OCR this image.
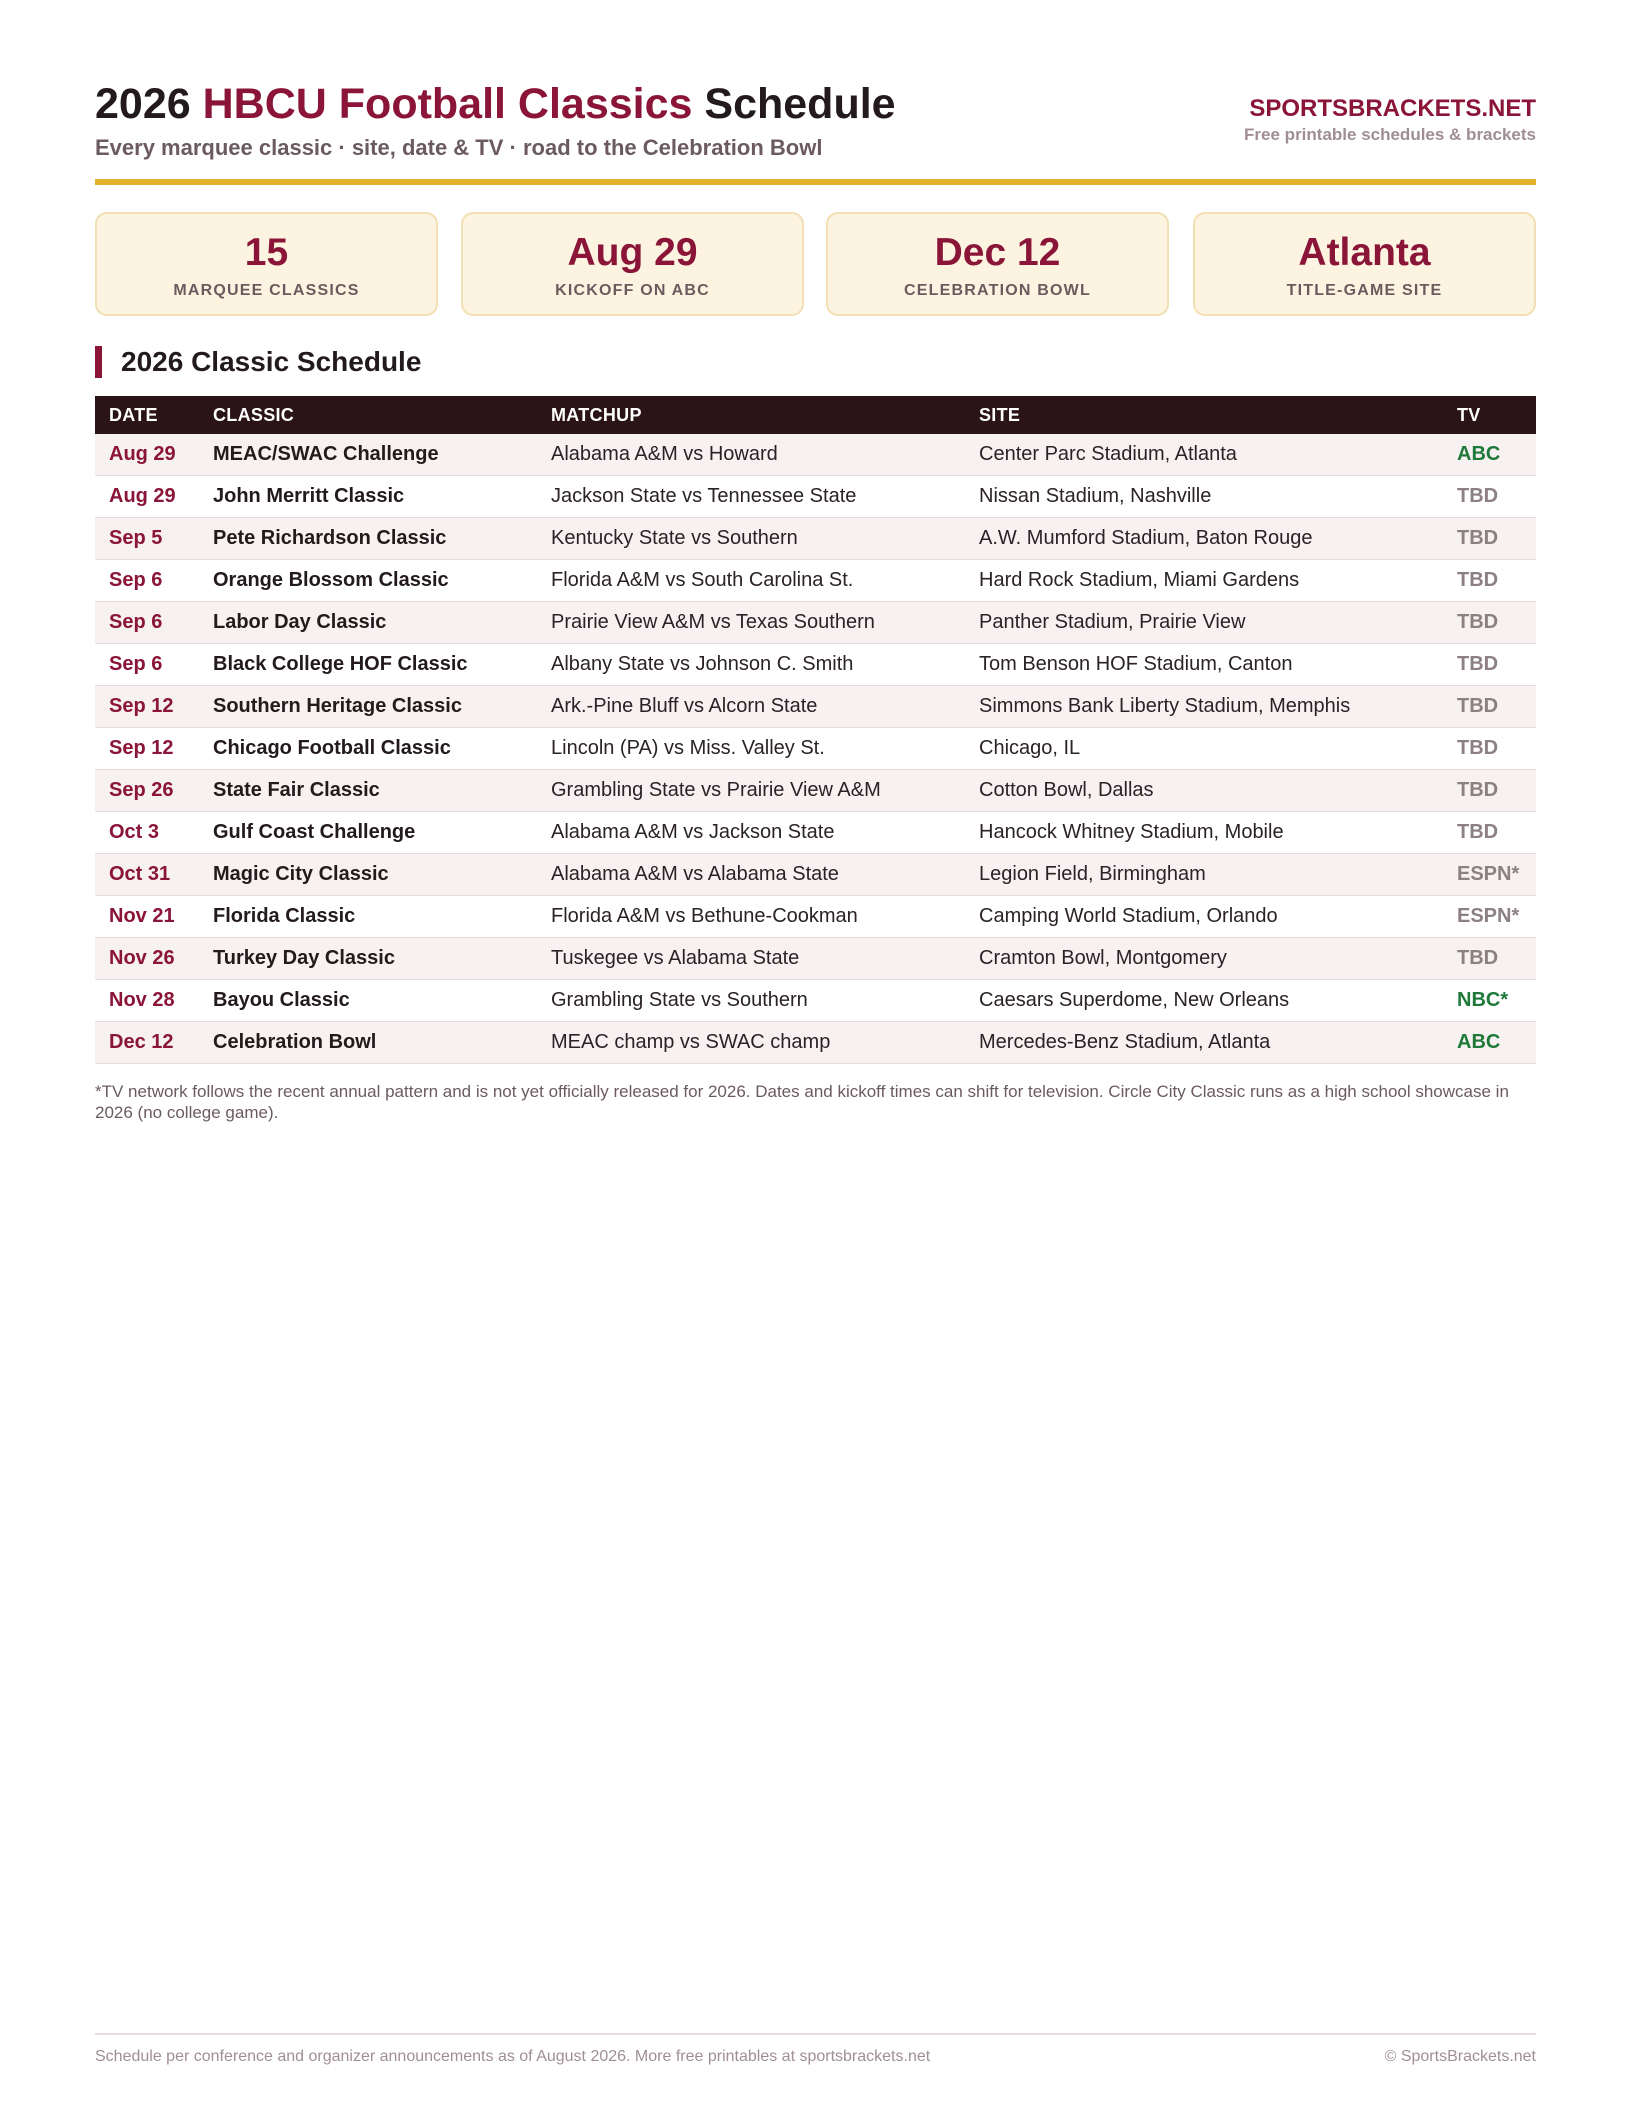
2026 HBCU Football Classics Schedule
Every marquee classic · site, date & TV · road to the Celebration Bowl
SPORTSBRACKETS.NET
Free printable schedules & brackets
15
MARQUEE CLASSICS
Aug 29
KICKOFF ON ABC
Dec 12
CELEBRATION BOWL
Atlanta
TITLE-GAME SITE
2026 Classic Schedule
DATE	CLASSIC	MATCHUP	SITE	TV
Aug 29	MEAC/SWAC Challenge	Alabama A&M vs Howard	Center Parc Stadium, Atlanta	ABC
Aug 29	John Merritt Classic	Jackson State vs Tennessee State	Nissan Stadium, Nashville	TBD
Sep 5	Pete Richardson Classic	Kentucky State vs Southern	A.W. Mumford Stadium, Baton Rouge	TBD
Sep 6	Orange Blossom Classic	Florida A&M vs South Carolina St.	Hard Rock Stadium, Miami Gardens	TBD
Sep 6	Labor Day Classic	Prairie View A&M vs Texas Southern	Panther Stadium, Prairie View	TBD
Sep 6	Black College HOF Classic	Albany State vs Johnson C. Smith	Tom Benson HOF Stadium, Canton	TBD
Sep 12	Southern Heritage Classic	Ark.-Pine Bluff vs Alcorn State	Simmons Bank Liberty Stadium, Memphis	TBD
Sep 12	Chicago Football Classic	Lincoln (PA) vs Miss. Valley St.	Chicago, IL	TBD
Sep 26	State Fair Classic	Grambling State vs Prairie View A&M	Cotton Bowl, Dallas	TBD
Oct 3	Gulf Coast Challenge	Alabama A&M vs Jackson State	Hancock Whitney Stadium, Mobile	TBD
Oct 31	Magic City Classic	Alabama A&M vs Alabama State	Legion Field, Birmingham	ESPN*
Nov 21	Florida Classic	Florida A&M vs Bethune-Cookman	Camping World Stadium, Orlando	ESPN*
Nov 26	Turkey Day Classic	Tuskegee vs Alabama State	Cramton Bowl, Montgomery	TBD
Nov 28	Bayou Classic	Grambling State vs Southern	Caesars Superdome, New Orleans	NBC*
Dec 12	Celebration Bowl	MEAC champ vs SWAC champ	Mercedes-Benz Stadium, Atlanta	ABC
*TV network follows the recent annual pattern and is not yet officially released for 2026. Dates and kickoff times can shift for television. Circle City Classic runs as a high school showcase in 2026 (no college game).
Schedule per conference and organizer announcements as of August 2026. More free printables at sportsbrackets.net	© SportsBrackets.net
